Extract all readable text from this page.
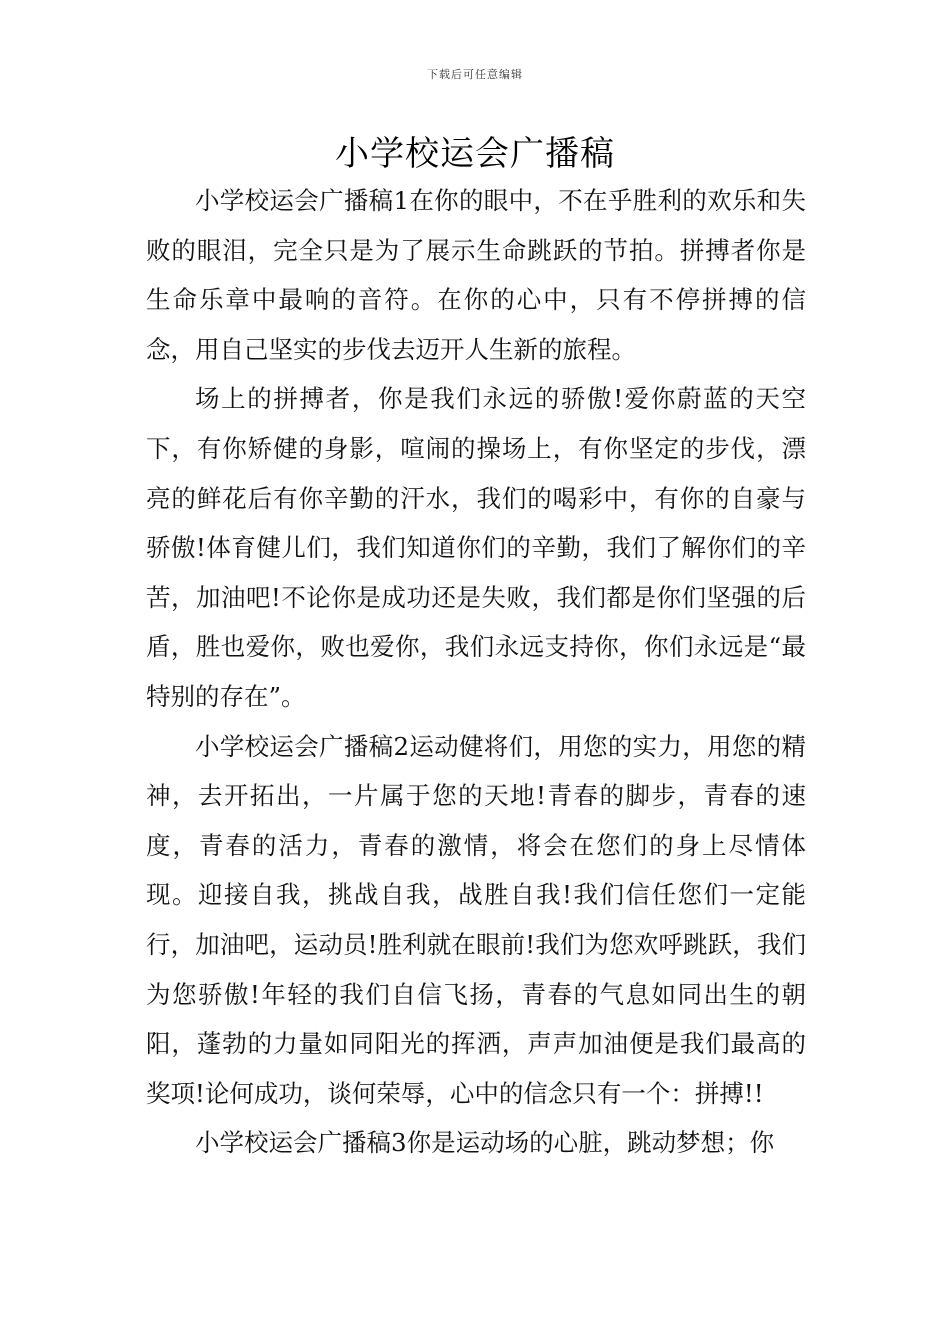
下载后可任意编辑
小学校运会广播稿

小学校运会广播稿1在你的眼中，不在乎胜利的欢乐和失败的眼泪，完全只是为了展示生命跳跃的节拍。拼搏者你是生命乐章中最响的音符。在你的心中，只有不停拼搏的信念，用自己坚实的步伐去迈开人生新的旅程。

场上的拼搏者，你是我们永远的骄傲!爱你蔚蓝的天空下，有你矫健的身影，喧闹的操场上，有你坚定的步伐，漂亮的鲜花后有你辛勤的汗水，我们的喝彩中，有你的自豪与骄傲!体育健儿们，我们知道你们的辛勤，我们了解你们的辛苦，加油吧!不论你是成功还是失败，我们都是你们坚强的后盾，胜也爱你，败也爱你，我们永远支持你，你们永远是“最特别的存在”。

小学校运会广播稿2运动健将们，用您的实力，用您的精神，去开拓出，一片属于您的天地!青春的脚步，青春的速度，青春的活力，青春的激情，将会在您们的身上尽情体现。迎接自我，挑战自我，战胜自我!我们信任您们一定能行，加油吧，运动员!胜利就在眼前!我们为您欢呼跳跃，我们为您骄傲!年轻的我们自信飞扬，青春的气息如同出生的朝阳，蓬勃的力量如同阳光的挥洒，声声加油便是我们最高的奖项!论何成功，谈何荣辱，心中的信念只有一个：拼搏!!

小学校运会广播稿3你是运动场的心脏，跳动梦想；你
